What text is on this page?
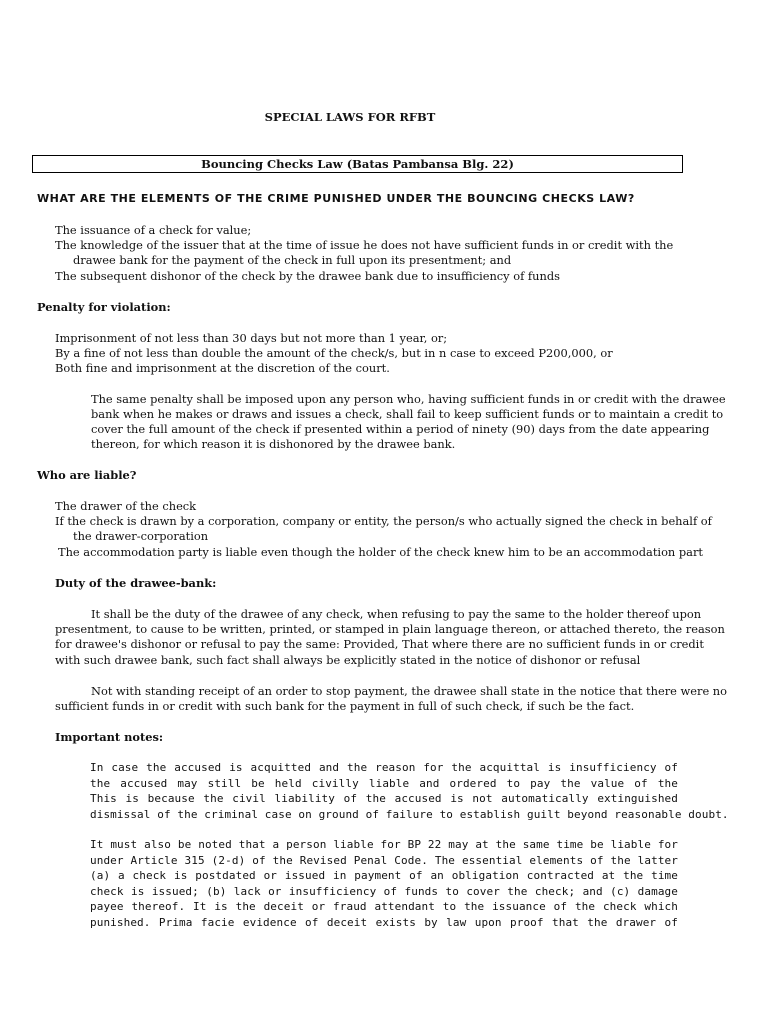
SPECIAL LAWS FOR RFBT
Bouncing Checks Law (Batas Pambansa Blg. 22)
WHAT ARE THE ELEMENTS OF THE CRIME PUNISHED UNDER THE BOUNCING CHECKS LAW?
The issuance of a check for value;
The knowledge of the issuer that at the time of issue he does not have sufficient funds in or credit with the
drawee bank for the payment of the check in full upon its presentment; and
The subsequent dishonor of the check by the drawee bank due to insufficiency of funds
Penalty for violation:
Imprisonment of not less than 30 days but not more than 1 year, or;
By a fine of not less than double the amount of the check/s, but in n case to exceed P200,000, or
Both fine and imprisonment at the discretion of the court.
The same penalty shall be imposed upon any person who, having sufficient funds in or credit with the drawee
bank when he makes or draws and issues a check, shall fail to keep sufficient funds or to maintain a credit to
cover the full amount of the check if presented within a period of ninety (90) days from the date appearing
thereon, for which reason it is dishonored by the drawee bank.
Who are liable?
The drawer of the check
If the check is drawn by a corporation, company or entity, the person/s who actually signed the check in behalf of
the drawer-corporation
The accommodation party is liable even though the holder of the check knew him to be an accommodation part
Duty of the drawee-bank:
It shall be the duty of the drawee of any check, when refusing to pay the same to the holder thereof upon
presentment, to cause to be written, printed, or stamped in plain language thereon, or attached thereto, the reason
for drawee's dishonor or refusal to pay the same: Provided, That where there are no sufficient funds in or credit
with such drawee bank, such fact shall always be explicitly stated in the notice of dishonor or refusal
Not with standing receipt of an order to stop payment, the drawee shall state in the notice that there were no
sufficient funds in or credit with such bank for the payment in full of such check, if such be the fact.
Important notes:
In case the accused is acquitted and the reason for the acquittal is insufficiency of
the accused may still be held civilly liable and ordered to pay the value of the
This is because the civil liability of the accused is not automatically extinguished
dismissal of the criminal case on ground of failure to establish guilt beyond reasonable doubt.
It must also be noted that a person liable for BP 22 may at the same time be liable for
under Article 315 (2-d) of the Revised Penal Code. The essential elements of the latter
(a) a check is postdated or issued in payment of an obligation contracted at the time
check is issued; (b) lack or insufficiency of funds to cover the check; and (c) damage
payee thereof. It is the deceit or fraud attendant to the issuance of the check which
punished. Prima facie evidence of deceit exists by law upon proof that the drawer of
